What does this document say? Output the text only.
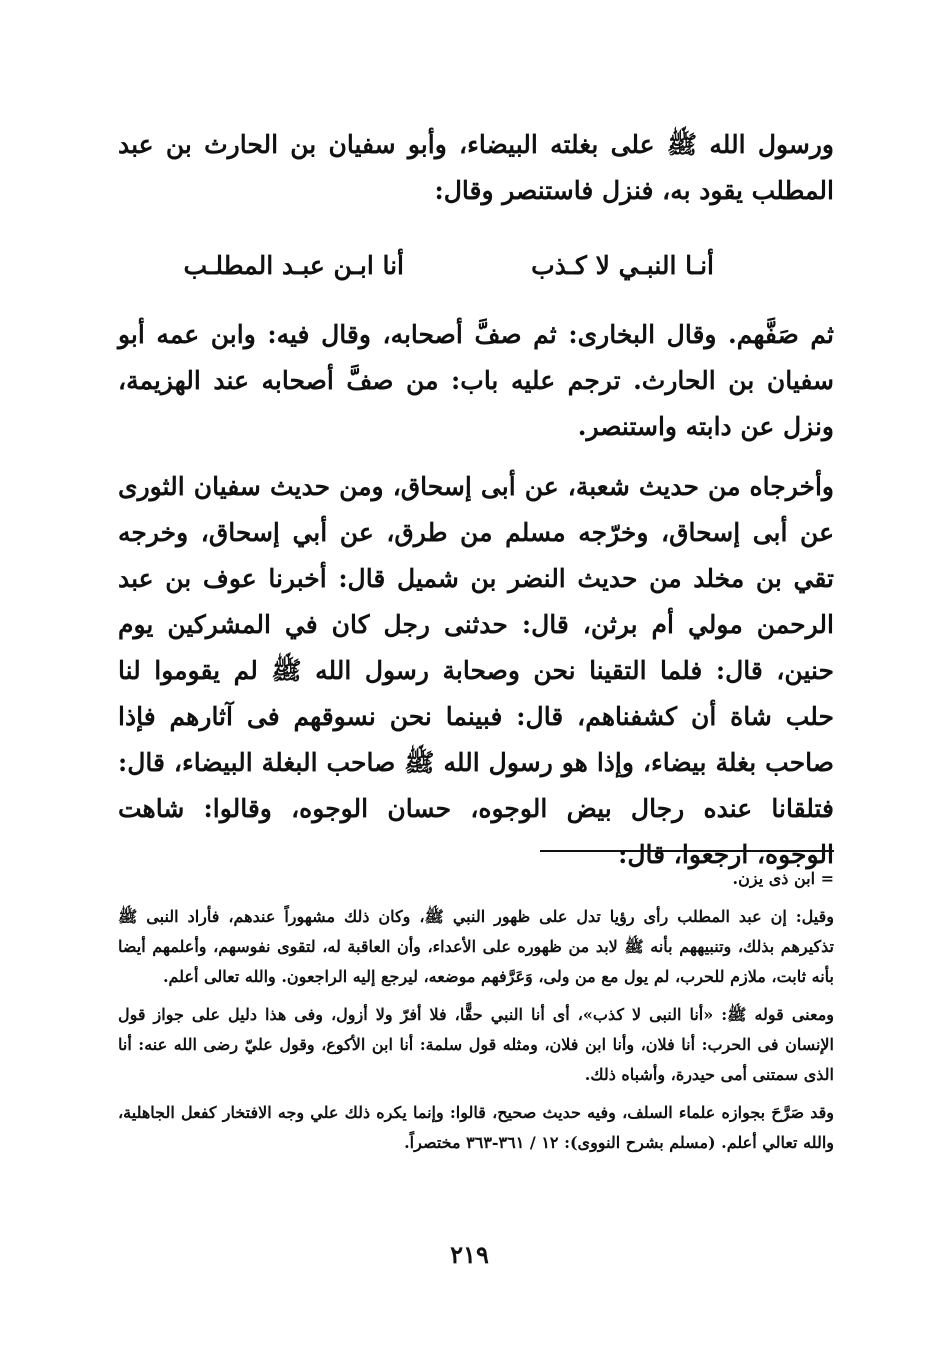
ورسول الله ﷺ على بغلته البيضاء، وأبو سفيان بن الحارث بن عبد المطلب يقود به، فنزل فاستنصر وقال:

أنـا النبـي لا كـذب
أنا ابـن عبـد المطلـب

ثم صَفَّهم. وقال البخارى: ثم صفَّ أصحابه، وقال فيه: وابن عمه أبو سفيان بن الحارث. ترجم عليه باب: من صفَّ أصحابه عند الهزيمة، ونزل عن دابته واستنصر.

وأخرجاه من حديث شعبة، عن أبى إسحاق، ومن حديث سفيان الثورى عن أبى إسحاق، وخرّجه مسلم من طرق، عن أبي إسحاق، وخرجه تقي بن مخلد من حديث النضر بن شميل قال: أخبرنا عوف بن عبد الرحمن مولي أم برثن، قال: حدثنى رجل كان في المشركين يوم حنين، قال: فلما التقينا نحن وصحابة رسول الله ﷺ لم يقوموا لنا حلب شاة أن كشفناهم، قال: فبينما نحن نسوقهم فى آثارهم فإذا صاحب بغلة بيضاء، وإذا هو رسول الله ﷺ صاحب البغلة البيضاء، قال: فتلقانا عنده رجال بيض الوجوه، حسان الوجوه، وقالوا: شاهت الوجوه، ارجعوا، قال:

= ابن ذى يزن.

وقيل: إن عبد المطلب رأى رؤيا تدل على ظهور النبي ﷺ، وكان ذلك مشهوراً عندهم، فأراد النبى ﷺ تذكيرهم بذلك، وتنبيههم بأنه ﷺ لابد من ظهوره على الأعداء، وأن العاقبة له، لتقوى نفوسهم، وأعلمهم أيضا بأنه ثابت، ملازم للحرب، لم يول مع من ولى، وَعَرَّفهم موضعه، ليرجع إليه الراجعون. والله تعالى أعلم.

ومعنى قوله ﷺ: «أنا النبى لا كذب»، أى أنا النبي حقًّا، فلا أفرّ ولا أزول، وفى هذا دليل على جواز قول الإنسان فى الحرب: أنا فلان، وأنا ابن فلان، ومثله قول سلمة: أنا ابن الأكوع، وقول عليّ رضى الله عنه: أنا الذى سمتنى أمى حيدرة، وأشباه ذلك.

وقد صَرَّحَ بجوازه علماء السلف، وفيه حديث صحيح، قالوا: وإنما يكره ذلك علي وجه الافتخار كفعل الجاهلية، والله تعالي أعلم. (مسلم بشرح النووى): ١٢ / ٣٦١-٣٦٣ مختصراً.

٢١٩
